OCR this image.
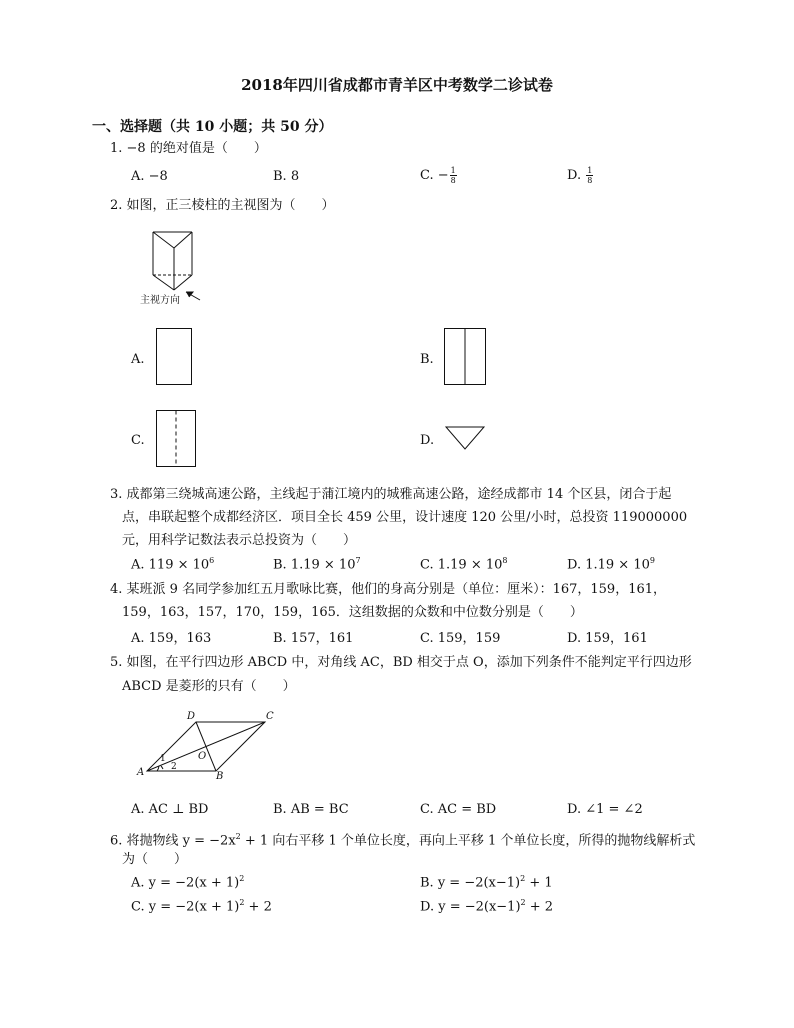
2018年四川省成都市青羊区中考数学二诊试卷
一、选择题（共 10 小题；共 50 分）
1. −8 的绝对值是（　　）
A. −8	B. 8	C. − $\frac{1}{8}$	D. $\frac{1}{8}$
2. 如图，正三棱柱的主视图为（　　）
主视方向
A.	B.
C.	D.
3. 成都第三绕城高速公路，主线起于蒲江境内的城雅高速公路，途经成都市 14 个区县，闭合于起
点，串联起整个成都经济区．项目全长 459 公里，设计速度 120 公里/小时，总投资 119000000
元，用科学记数法表示总投资为（　　）
A. $119 \times 10^6$	B. $1.19 \times 10^7$	C. $1.19 \times 10^8$	D. $1.19 \times 10^9$
4. 某班派 9 名同学参加红五月歌咏比赛，他们的身高分别是（单位：厘米）：167，159，161，
159，163，157，170，159，165．这组数据的众数和中位数分别是（　　）
A. 159，163	B. 157，161	C. 159，159	D. 159，161
5. 如图，在平行四边形 ABCD 中，对角线 AC，BD 相交于点 O，添加下列条件不能判定平行四边形
ABCD 是菱形的只有（　　）
D	C
A	B
O
1
2
A. AC ⊥ BD	B. AB = BC	C. AC = BD	D. ∠1 = ∠2
6. 将抛物线 $y = -2x^2 + 1$ 向右平移 1 个单位长度，再向上平移 1 个单位长度，所得的抛物线解析式
为（　　）
A. $y = -2(x + 1)^2$	B. $y = -2(x-1)^2 + 1$
C. $y = -2(x + 1)^2 + 2$	D. $y = -2(x-1)^2 + 2$
